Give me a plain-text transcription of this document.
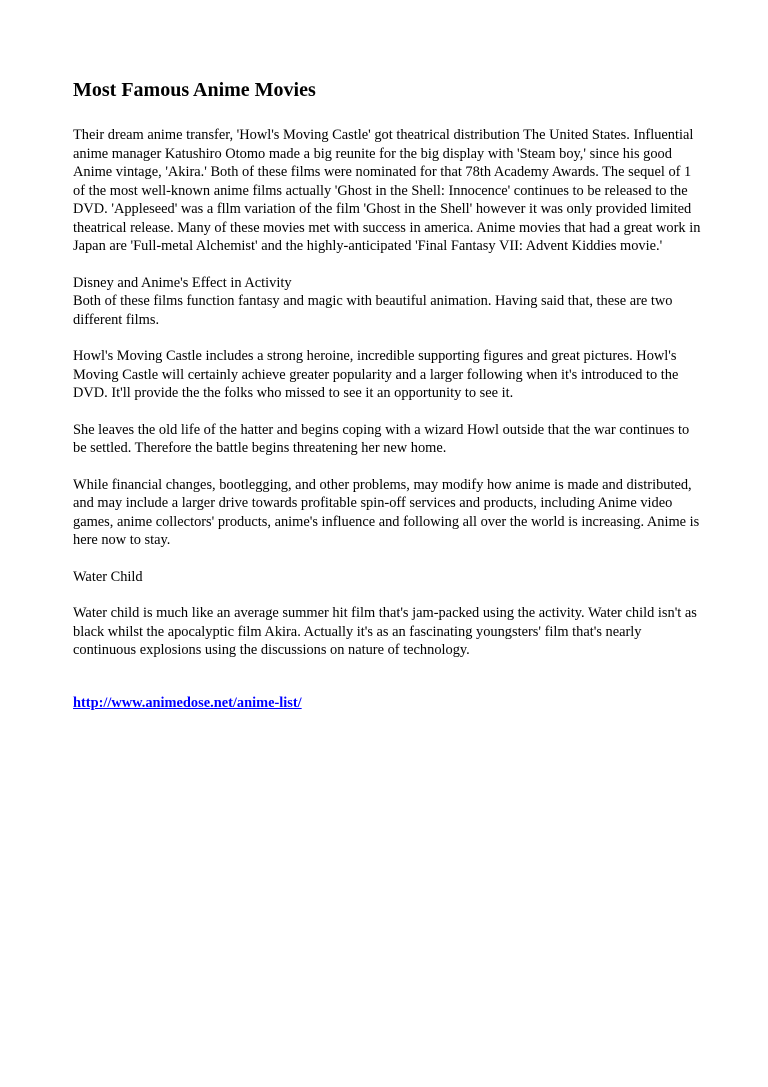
Most Famous Anime Movies

Their dream anime transfer, 'Howl's Moving Castle' got theatrical distribution The United States. Influential anime manager Katushiro Otomo made a big reunite for the big display with 'Steam boy,' since his good Anime vintage, 'Akira.' Both of these films were nominated for that 78th Academy Awards. The sequel of 1 of the most well-known anime films actually 'Ghost in the Shell: Innocence' continues to be released to the DVD. 'Appleseed' was a fllm variation of the film 'Ghost in the Shell' however it was only provided limited theatrical release. Many of these movies met with success in america. Anime movies that had a great work in Japan are 'Full-metal Alchemist' and the highly-anticipated 'Final Fantasy VII: Advent Kiddies movie.'

Disney and Anime's Effect in Activity

Both of these films function fantasy and magic with beautiful animation. Having said that, these are two different films.

Howl's Moving Castle includes a strong heroine, incredible supporting figures and great pictures. Howl's Moving Castle will certainly achieve greater popularity and a larger following when it's introduced to the DVD. It'll provide the the folks who missed to see it an opportunity to see it.

She leaves the old life of the hatter and begins coping with a wizard Howl outside that the war continues to be settled. Therefore the battle begins threatening her new home.

While financial changes, bootlegging, and other problems, may modify how anime is made and distributed, and may include a larger drive towards profitable spin-off services and products, including Anime video games, anime collectors' products, anime's influence and following all over the world is increasing. Anime is here now to stay.

Water Child

Water child is much like an average summer hit film that's jam-packed using the activity. Water child isn't as black whilst the apocalyptic film Akira. Actually it's as an fascinating youngsters' film that's nearly continuous explosions using the discussions on nature of technology.

http://www.animedose.net/anime-list/
